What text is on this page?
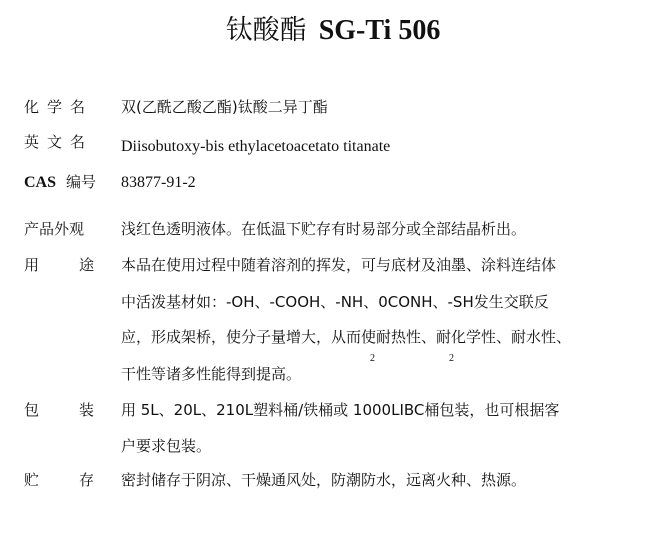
钛酸酯 SG-Ti 506
化学名 双(乙酰乙酸乙酯)钛酸二异丁酯
英文名 Diisobutoxy-bis ethylacetoacetato titanate
CAS 编号 83877-91-2
产品外观 浅红色透明液体。在低温下贮存有时易部分或全部结晶析出。
用途
本品在使用过程中随着溶剂的挥发，可与底材及油墨、涂料连结体
中活泼基材如：-OH、-COOH、-NH、0CONH、-SH发生交联反
应，形成架桥，使分子量增大，从而使耐热性、耐化学性、耐水性、
干性等诸多性能得到提高。
2	2
包装
用 5L、20L、210L塑料桶/铁桶或 1000LIBC桶包装，也可根据客
户要求包装。
贮存
密封储存于阴凉、干燥通风处，防潮防水，远离火种、热源。
